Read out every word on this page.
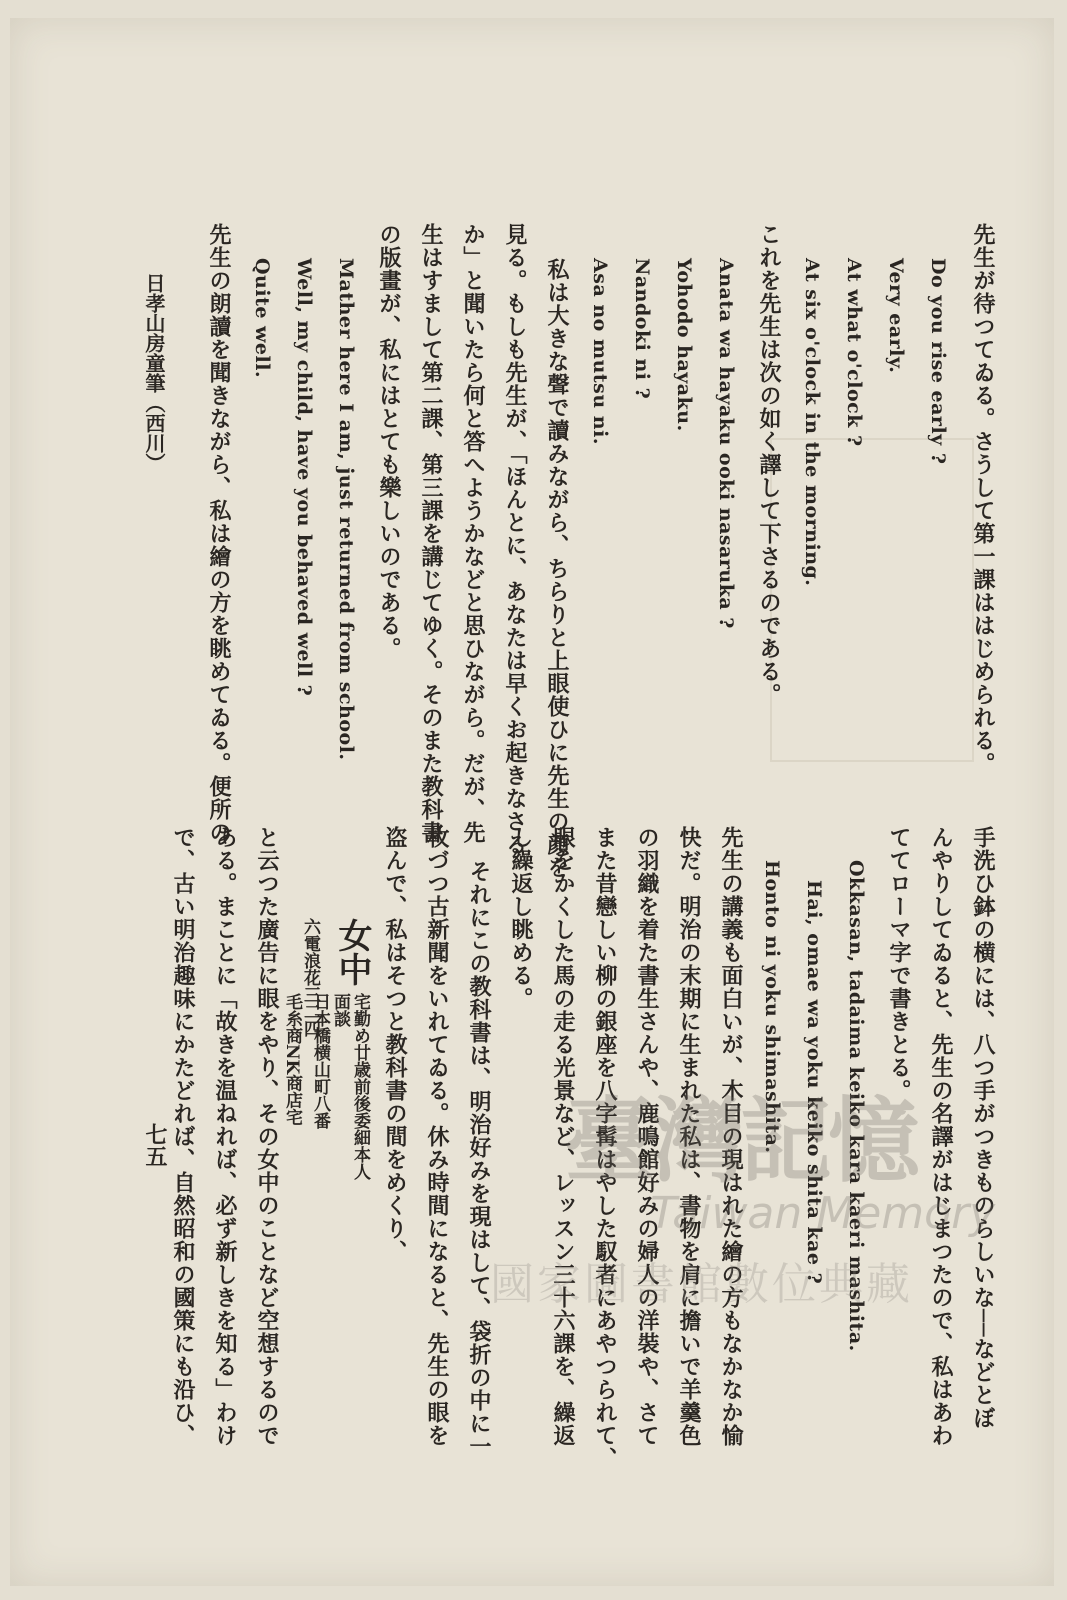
先生が待つてゐる。さうして第一課ははじめられる。
Do you rise early ?
Very early.
At what o'clock ?
At six o'clock in the morning.
これを先生は次の如く譯して下さるのである。
Anata wa hayaku ooki nasaruka ?
Yohodo hayaku.
Nandoki ni ?
Asa no mutsu ni.
私は大きな聲で讀みながら、ちらりと上眼使ひに先生の顔を
見る。もしも先生が、「ほんとに、あなたは早くお起きなさる
か」と聞いたら何と答へようかなどと思ひながら。だが、先
生はすまして第二課、第三課を講じてゆく。そのまた教科書
の版畫が、私にはとても樂しいのである。
Mather here I am, just returned from school.
Well, my child, have you behaved well ?
Quite well.
先生の朗讀を聞きながら、私は繪の方を眺めてゐる。便所の
手洗ひ鉢の横には、八つ手がつきものらしいな──などとぼ
んやりしてゐると、先生の名譯がはじまつたので、私はあわ
ててローマ字で書きとる。
Okkasan, tadaima keiko kara kaeri mashita.
Hai, omae wa yoku keiko shita kae ?
Honto ni yoku shimashita.
先生の講義も面白いが、木目の現はれた繪の方もなかなか愉
快だ。明治の末期に生まれた私は、書物を肩に擔いで羊羹色
の羽織を着た書生さんや、鹿鳴館好みの婦人の洋裝や、さて
また昔戀しい柳の銀座を八字髯はやした馭者にあやつられて、
眼をかくした馬の走る光景など、レッスン三十六課を、繰返
し繰返し眺める。
それにこの教科書は、明治好みを現はして、袋折の中に一
枚づつ古新聞をいれてゐる。休み時間になると、先生の眼を
盗んで、私はそつと教科書の間をめくり、
女中
宅勤め廿歳前後委細本人
面談
日本橋横山町八番
六電浪花三二四
毛糸商NK商店宅
と云つた廣告に眼をやり、その女中のことなど空想するので
ある。まことに「故きを温ねれば、必ず新しきを知る」わけ
で、古い明治趣味にかたどれば、自然昭和の國策にも沿ひ、
日孝山房童筆（西川）
七五	臺灣記憶
Taiwan Memory
國家圖書館數位典藏
